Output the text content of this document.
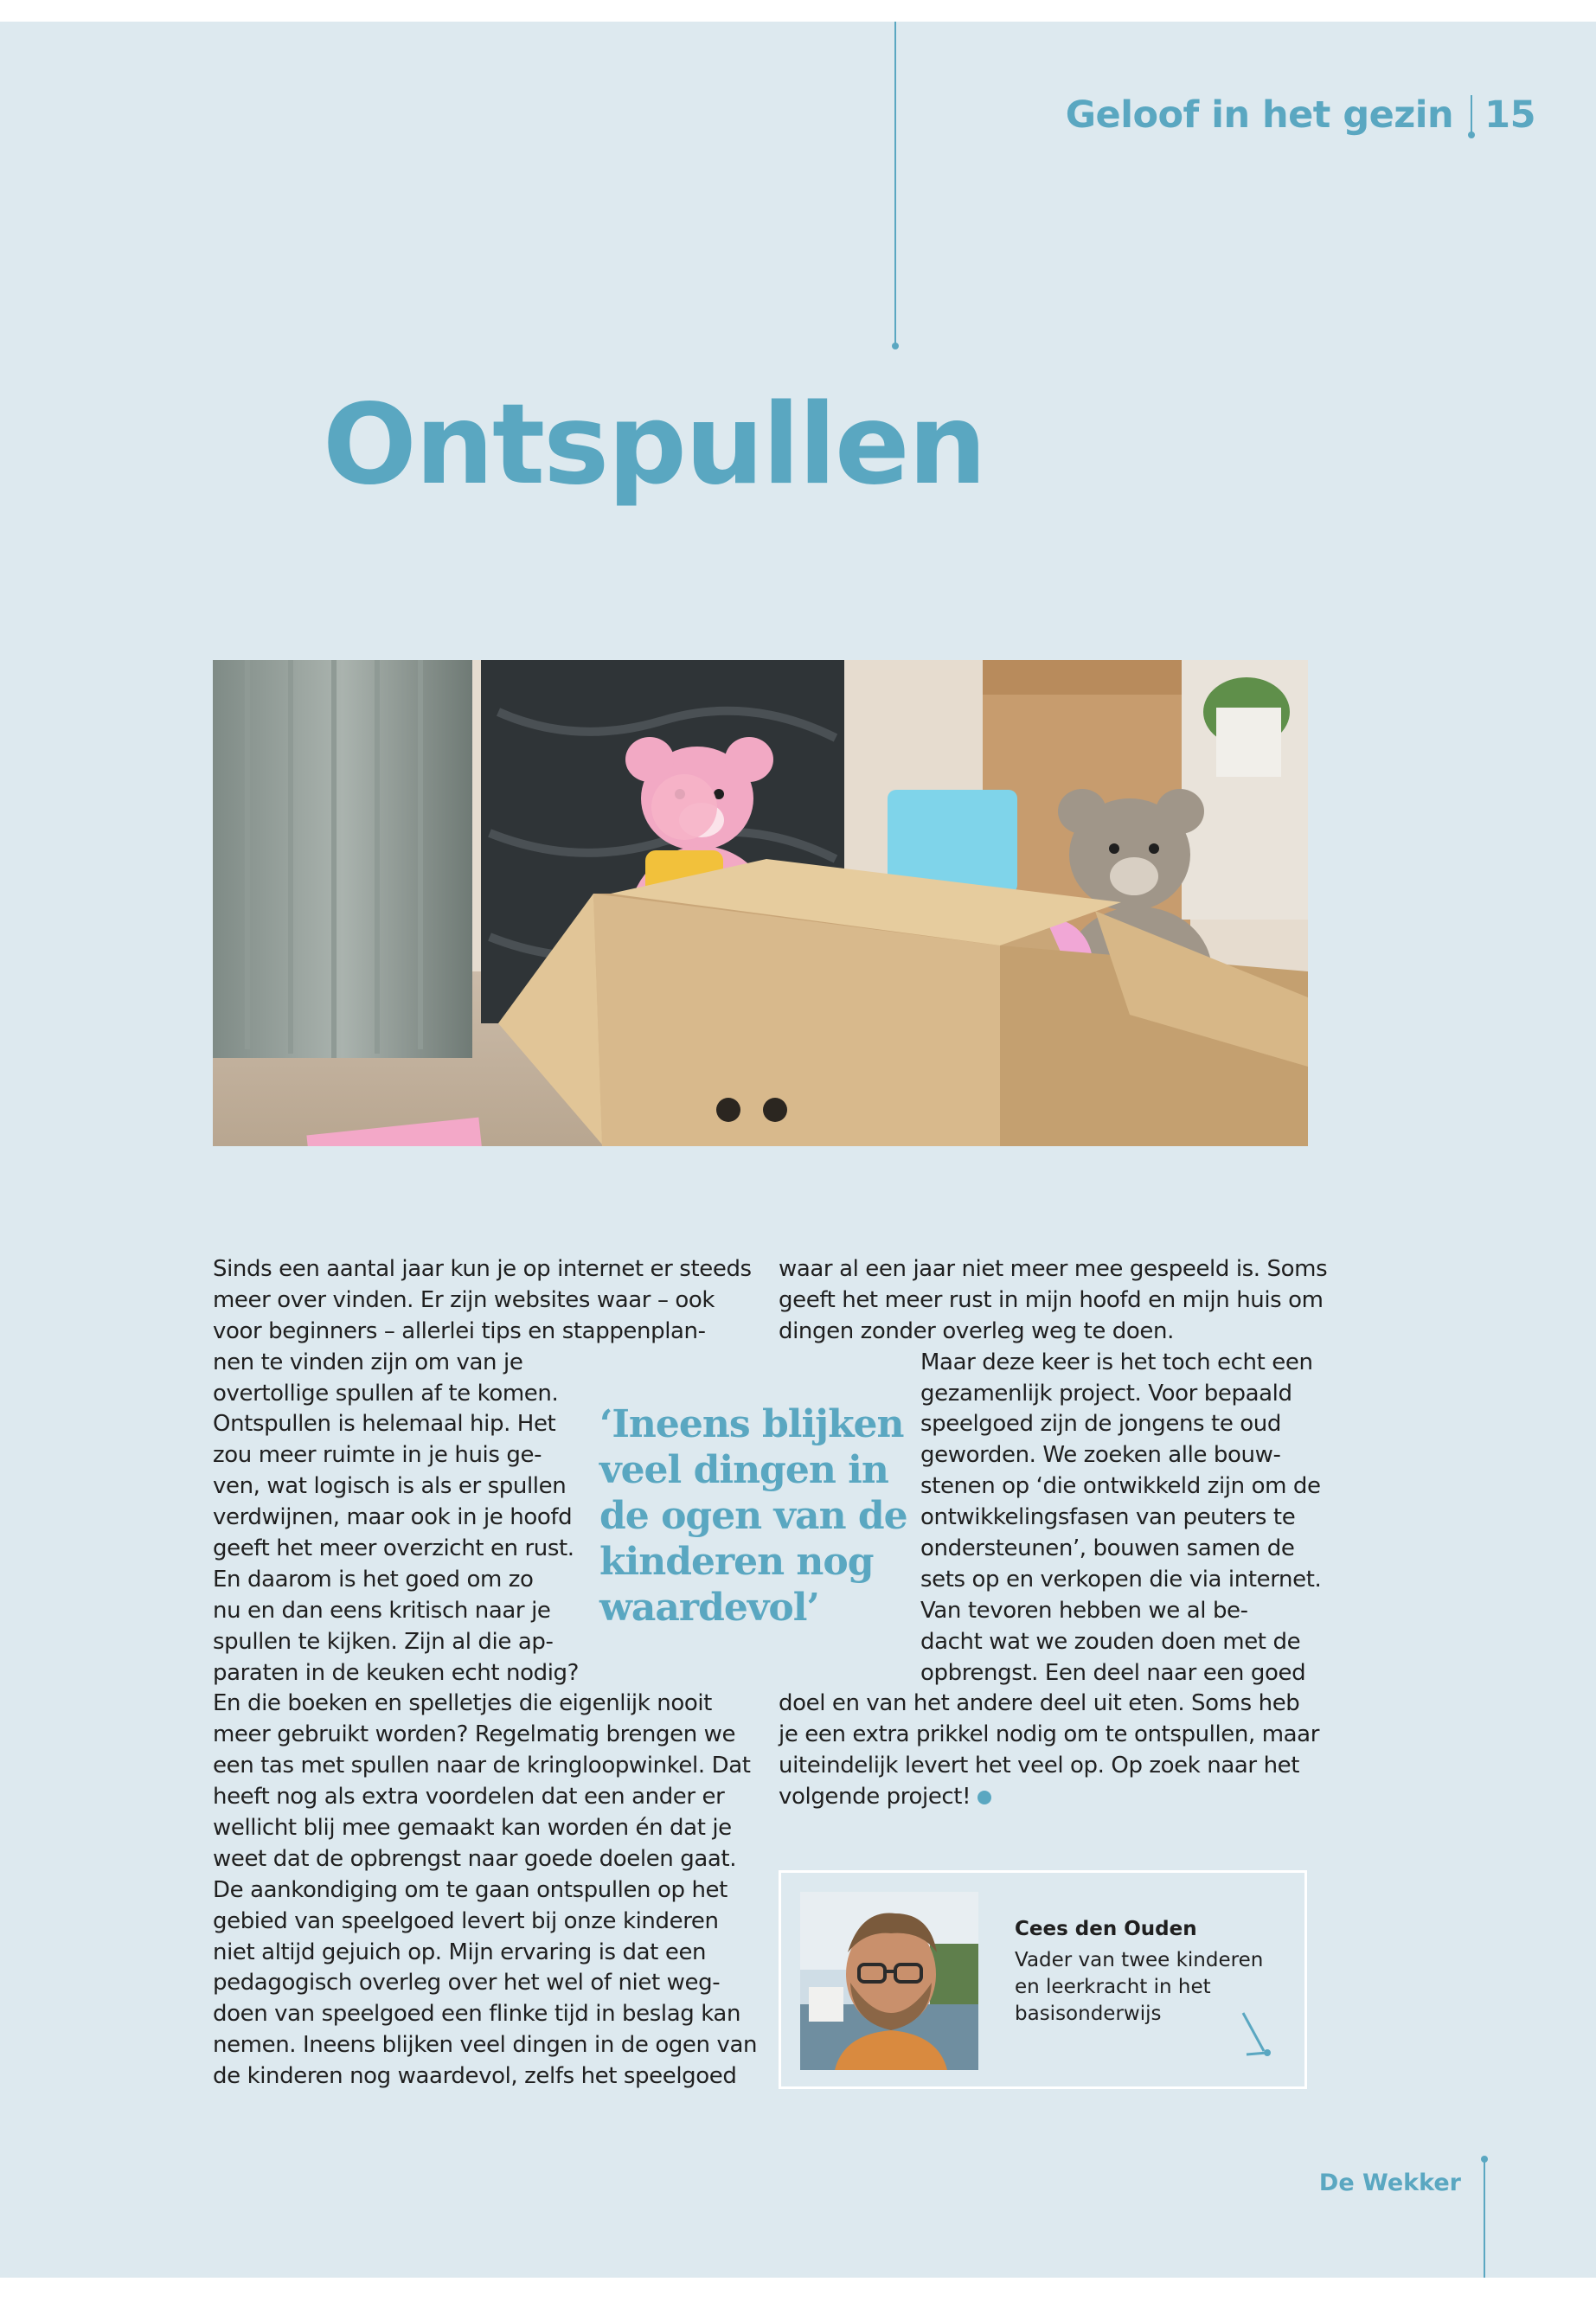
Geloof in het gezin 15
Ontspullen
Sinds een aantal jaar kun je op internet er steeds
meer over vinden. Er zijn websites waar – ook
voor beginners – allerlei tips en stappenplan-
nen te vinden zijn om van je
overtollige spullen af te komen.
Ontspullen is helemaal hip. Het
zou meer ruimte in je huis ge-
ven, wat logisch is als er spullen
verdwijnen, maar ook in je hoofd
geeft het meer overzicht en rust.
En daarom is het goed om zo
nu en dan eens kritisch naar je
spullen te kijken. Zijn al die ap-
paraten in de keuken echt nodig?
En die boeken en spelletjes die eigenlijk nooit
meer gebruikt worden? Regelmatig brengen we
een tas met spullen naar de kringloopwinkel. Dat
heeft nog als extra voordelen dat een ander er
wellicht blij mee gemaakt kan worden én dat je
weet dat de opbrengst naar goede doelen gaat.
De aankondiging om te gaan ontspullen op het
gebied van speelgoed levert bij onze kinderen
niet altijd gejuich op. Mijn ervaring is dat een
pedagogisch overleg over het wel of niet weg-
doen van speelgoed een flinke tijd in beslag kan
nemen. Ineens blijken veel dingen in de ogen van
de kinderen nog waardevol, zelfs het speelgoed
‘Ineens blijken
veel dingen in
de ogen van de
kinderen nog
waardevol’
waar al een jaar niet meer mee gespeeld is. Soms
geeft het meer rust in mijn hoofd en mijn huis om
dingen zonder overleg weg te doen.
Maar deze keer is het toch echt een
gezamenlijk project. Voor bepaald
speelgoed zijn de jongens te oud
geworden. We zoeken alle bouw-
stenen op ‘die ontwikkeld zijn om de
ontwikkelingsfasen van peuters te
ondersteunen’, bouwen samen de
sets op en verkopen die via internet.
Van tevoren hebben we al be-
dacht wat we zouden doen met de
opbrengst. Een deel naar een goed
doel en van het andere deel uit eten. Soms heb
je een extra prikkel nodig om te ontspullen, maar
uiteindelijk levert het veel op. Op zoek naar het
volgende project!
Cees den Ouden
Vader van twee kinderen
en leerkracht in het
basisonderwijs
De Wekker
